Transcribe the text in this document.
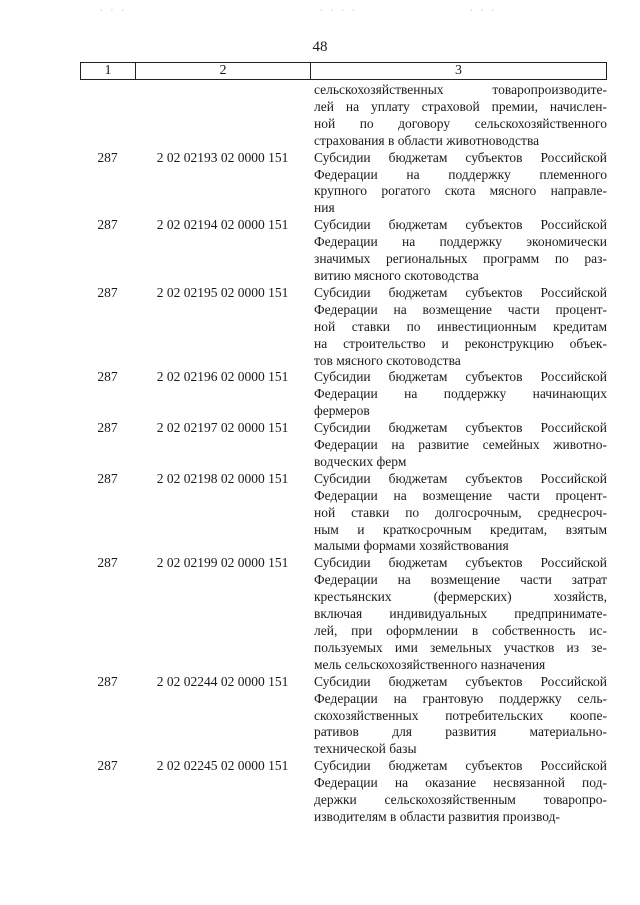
· · ·	· · · ·	· · ·
48
1	2	3
сельскохозяйственных товаропроизводите-
лей на уплату страховой премии, начислен-
ной по договору сельскохозяйственного
страхования в области животноводства
287	2 02 02193 02 0000 151	Субсидии бюджетам субъектов Российской
Федерации на поддержку племенного
крупного рогатого скота мясного направле-
ния
287	2 02 02194 02 0000 151	Субсидии бюджетам субъектов Российской
Федерации на поддержку экономически
значимых региональных программ по раз-
витию мясного скотоводства
287	2 02 02195 02 0000 151	Субсидии бюджетам субъектов Российской
Федерации на возмещение части процент-
ной ставки по инвестиционным кредитам
на строительство и реконструкцию объек-
тов мясного скотоводства
287	2 02 02196 02 0000 151	Субсидии бюджетам субъектов Российской
Федерации на поддержку начинающих
фермеров
287	2 02 02197 02 0000 151	Субсидии бюджетам субъектов Российской
Федерации на развитие семейных животно-
водческих ферм
287	2 02 02198 02 0000 151	Субсидии бюджетам субъектов Российской
Федерации на возмещение части процент-
ной ставки по долгосрочным, среднесроч-
ным и краткосрочным кредитам, взятым
малыми формами хозяйствования
287	2 02 02199 02 0000 151	Субсидии бюджетам субъектов Российской
Федерации на возмещение части затрат
крестьянских (фермерских) хозяйств,
включая индивидуальных предпринимате-
лей, при оформлении в собственность ис-
пользуемых ими земельных участков из зе-
мель сельскохозяйственного назначения
287	2 02 02244 02 0000 151	Субсидии бюджетам субъектов Российской
Федерации на грантовую поддержку сель-
скохозяйственных потребительских коопе-
ративов для развития материально-
технической базы
287	2 02 02245 02 0000 151	Субсидии бюджетам субъектов Российской
Федерации на оказание несвязанной под-
держки сельскохозяйственным товаропро-
изводителям в области развития производ-
